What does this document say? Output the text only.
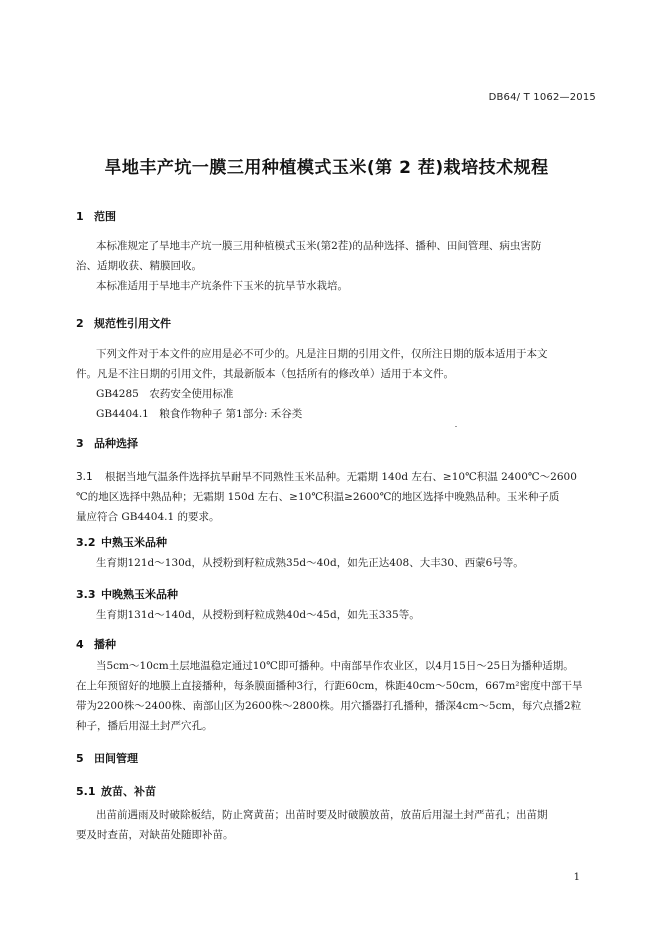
DB64/ T 1062—2015
旱地丰产坑一膜三用种植模式玉米(第 2 茬)栽培技术规程
1 范围
本标准规定了旱地丰产坑一膜三用种植模式玉米(第2茬)的品种选择、播种、田间管理、病虫害防
治、适期收获、精膜回收。
本标准适用于旱地丰产坑条件下玉米的抗旱节水栽培。
2 规范性引用文件
下列文件对于本文件的应用是必不可少的。凡是注日期的引用文件，仅所注日期的版本适用于本文
件。凡是不注日期的引用文件，其最新版本（包括所有的修改单）适用于本文件。
GB4285　农药安全使用标准
GB4404.1　粮食作物种子 第1部分: 禾谷类
3 品种选择
3.1 根据当地气温条件选择抗旱耐旱不同熟性玉米品种。无霜期 140d 左右、≥10℃积温 2400℃～2600
℃的地区选择中熟品种；无霜期 150d 左右、≥10℃积温≥2600℃的地区选择中晚熟品种。玉米种子质
量应符合 GB4404.1 的要求。
3.2 中熟玉米品种
生育期121d～130d，从授粉到籽粒成熟35d～40d，如先正达408、大丰30、西蒙6号等。
3.3 中晚熟玉米品种
生育期131d～140d，从授粉到籽粒成熟40d～45d，如先玉335等。
4 播种
当5cm～10cm土层地温稳定通过10℃即可播种。中南部旱作农业区，以4月15日～25日为播种适期。
在上年预留好的地膜上直接播种，每条膜面播种3行，行距60cm，株距40cm～50cm，667m²密度中部干旱
带为2200株～2400株、南部山区为2600株～2800株。用穴播器打孔播种，播深4cm～5cm，每穴点播2粒
种子，播后用湿土封严穴孔。
5 田间管理
5.1 放苗、补苗
出苗前遇雨及时破除板结，防止窝黄苗；出苗时要及时破膜放苗，放苗后用湿土封严苗孔；出苗期
要及时查苗，对缺苗处随即补苗。
1
